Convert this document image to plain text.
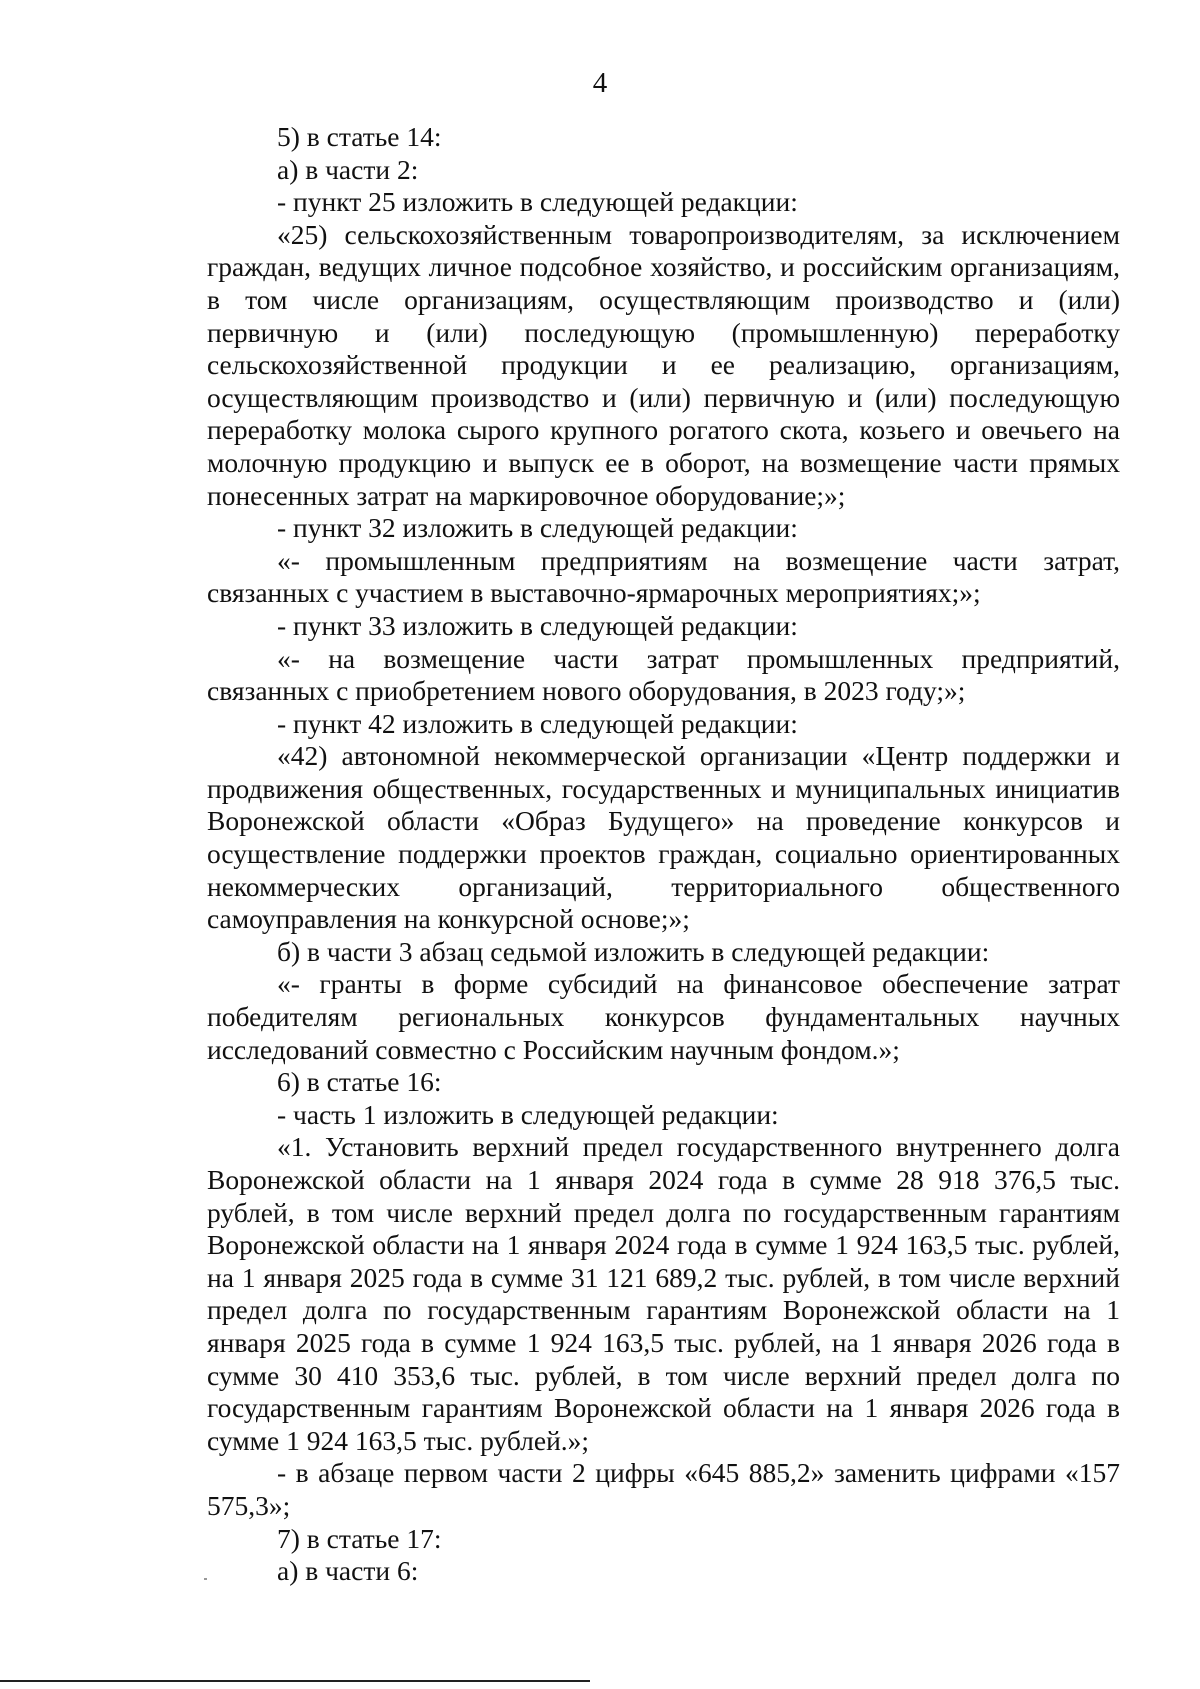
4

5) в статье 14:

а) в части 2:

- пункт 25 изложить в следующей редакции:

«25) сельскохозяйственным товаропроизводителям, за исключением граждан, ведущих личное подсобное хозяйство, и российским организациям, в том числе организациям, осуществляющим производство и (или) первичную и (или) последующую (промышленную) переработку сельскохозяйственной продукции и ее реализацию, организациям, осуществляющим производство и (или) первичную и (или) последующую переработку молока сырого крупного рогатого скота, козьего и овечьего на молочную продукцию и выпуск ее в оборот, на возмещение части прямых понесенных затрат на маркировочное оборудование;»;

- пункт 32 изложить в следующей редакции:

«- промышленным предприятиям на возмещение части затрат, связанных с участием в выставочно-ярмарочных мероприятиях;»;

- пункт 33 изложить в следующей редакции:

«- на возмещение части затрат промышленных предприятий, связанных с приобретением нового оборудования, в 2023 году;»;

- пункт 42 изложить в следующей редакции:

«42) автономной некоммерческой организации «Центр поддержки и продвижения общественных, государственных и муниципальных инициатив Воронежской области «Образ Будущего» на проведение конкурсов и осуществление поддержки проектов граждан, социально ориентированных некоммерческих организаций, территориального общественного самоуправления на конкурсной основе;»;

б) в части 3 абзац седьмой изложить в следующей редакции:

«- гранты в форме субсидий на финансовое обеспечение затрат победителям региональных конкурсов фундаментальных научных исследований совместно с Российским научным фондом.»;

6) в статье 16:

- часть 1 изложить в следующей редакции:

«1. Установить верхний предел государственного внутреннего долга Воронежской области на 1 января 2024 года в сумме 28 918 376,5 тыс. рублей, в том числе верхний предел долга по государственным гарантиям Воронежской области на 1 января 2024 года в сумме 1 924 163,5 тыс. рублей, на 1 января 2025 года в сумме 31 121 689,2 тыс. рублей, в том числе верхний предел долга по государственным гарантиям Воронежской области на 1 января 2025 года в сумме 1 924 163,5 тыс. рублей, на 1 января 2026 года в сумме 30 410 353,6 тыс. рублей, в том числе верхний предел долга по государственным гарантиям Воронежской области на 1 января 2026 года в сумме 1 924 163,5 тыс. рублей.»;

- в абзаце первом части 2 цифры «645 885,2» заменить цифрами «157 575,3»;

7) в статье 17:

а) в части 6:
